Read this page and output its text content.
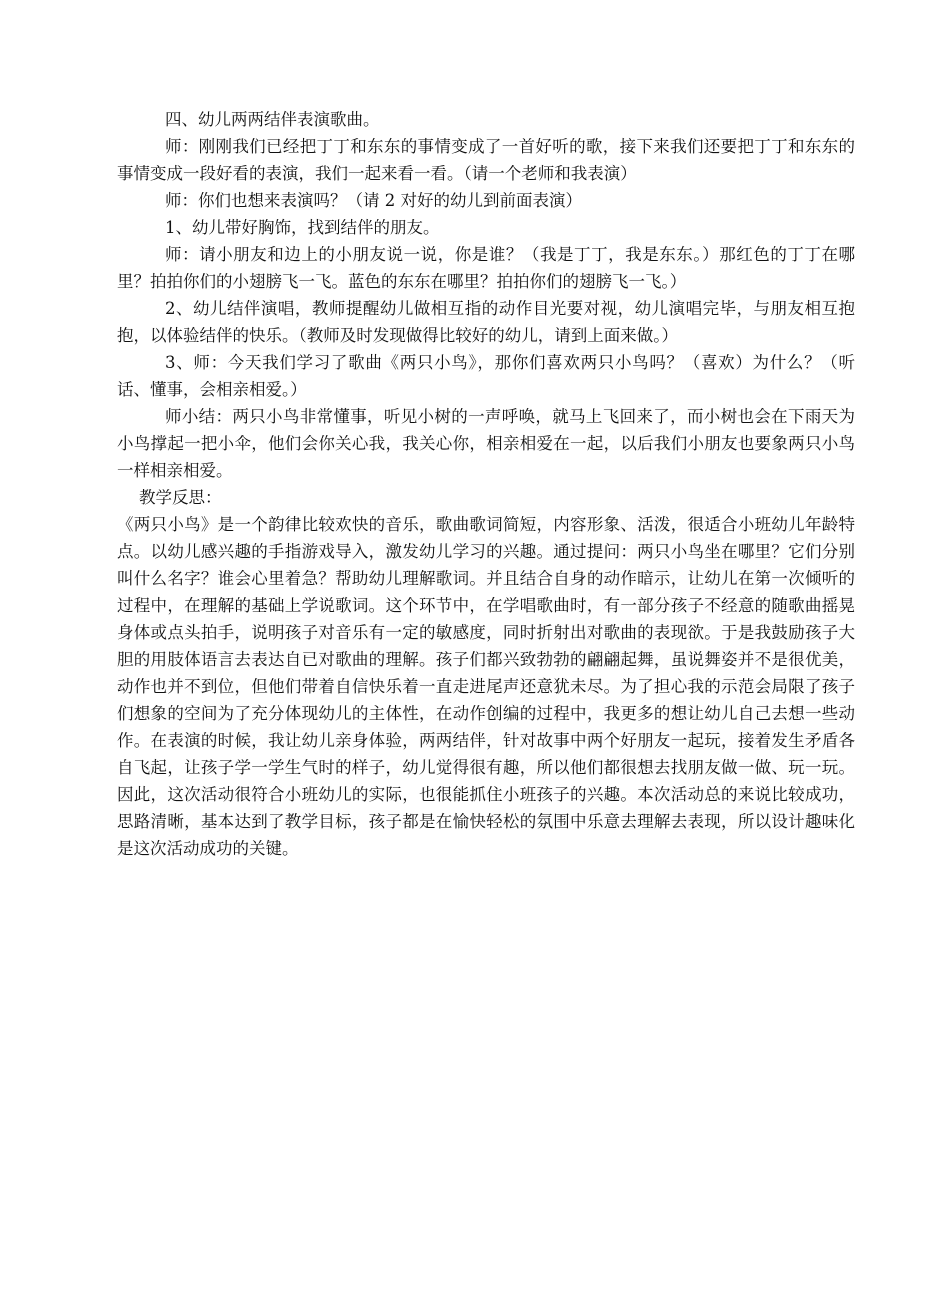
四、幼儿两两结伴表演歌曲。

师：刚刚我们已经把丁丁和东东的事情变成了一首好听的歌，接下来我们还要把丁丁和东东的事情变成一段好看的表演，我们一起来看一看。（请一个老师和我表演）

师：你们也想来表演吗？（请 2 对好的幼儿到前面表演）

1、幼儿带好胸饰，找到结伴的朋友。

师：请小朋友和边上的小朋友说一说，你是谁？（我是丁丁，我是东东。）那红色的丁丁在哪里？拍拍你们的小翅膀飞一飞。蓝色的东东在哪里？拍拍你们的翅膀飞一飞。）

2、幼儿结伴演唱，教师提醒幼儿做相互指的动作目光要对视，幼儿演唱完毕，与朋友相互抱抱，以体验结伴的快乐。（教师及时发现做得比较好的幼儿，请到上面来做。）

3、师：今天我们学习了歌曲《两只小鸟》，那你们喜欢两只小鸟吗？（喜欢）为什么？（听话、懂事，会相亲相爱。）

师小结：两只小鸟非常懂事，听见小树的一声呼唤，就马上飞回来了，而小树也会在下雨天为小鸟撑起一把小伞，他们会你关心我，我关心你，相亲相爱在一起，以后我们小朋友也要象两只小鸟一样相亲相爱。

教学反思：

《两只小鸟》是一个韵律比较欢快的音乐，歌曲歌词简短，内容形象、活泼，很适合小班幼儿年龄特点。以幼儿感兴趣的手指游戏导入，激发幼儿学习的兴趣。通过提问：两只小鸟坐在哪里？它们分别叫什么名字？谁会心里着急？帮助幼儿理解歌词。并且结合自身的动作暗示，让幼儿在第一次倾听的过程中，在理解的基础上学说歌词。这个环节中，在学唱歌曲时，有一部分孩子不经意的随歌曲摇晃身体或点头拍手，说明孩子对音乐有一定的敏感度，同时折射出对歌曲的表现欲。于是我鼓励孩子大胆的用肢体语言去表达自已对歌曲的理解。孩子们都兴致勃勃的翩翩起舞，虽说舞姿并不是很优美，动作也并不到位，但他们带着自信快乐着一直走进尾声还意犹未尽。为了担心我的示范会局限了孩子们想象的空间为了充分体现幼儿的主体性，在动作创编的过程中，我更多的想让幼儿自己去想一些动作。在表演的时候，我让幼儿亲身体验，两两结伴，针对故事中两个好朋友一起玩，接着发生矛盾各自飞起，让孩子学一学生气时的样子，幼儿觉得很有趣，所以他们都很想去找朋友做一做、玩一玩。因此，这次活动很符合小班幼儿的实际，也很能抓住小班孩子的兴趣。本次活动总的来说比较成功，思路清晰，基本达到了教学目标，孩子都是在愉快轻松的氛围中乐意去理解去表现，所以设计趣味化是这次活动成功的关键。
